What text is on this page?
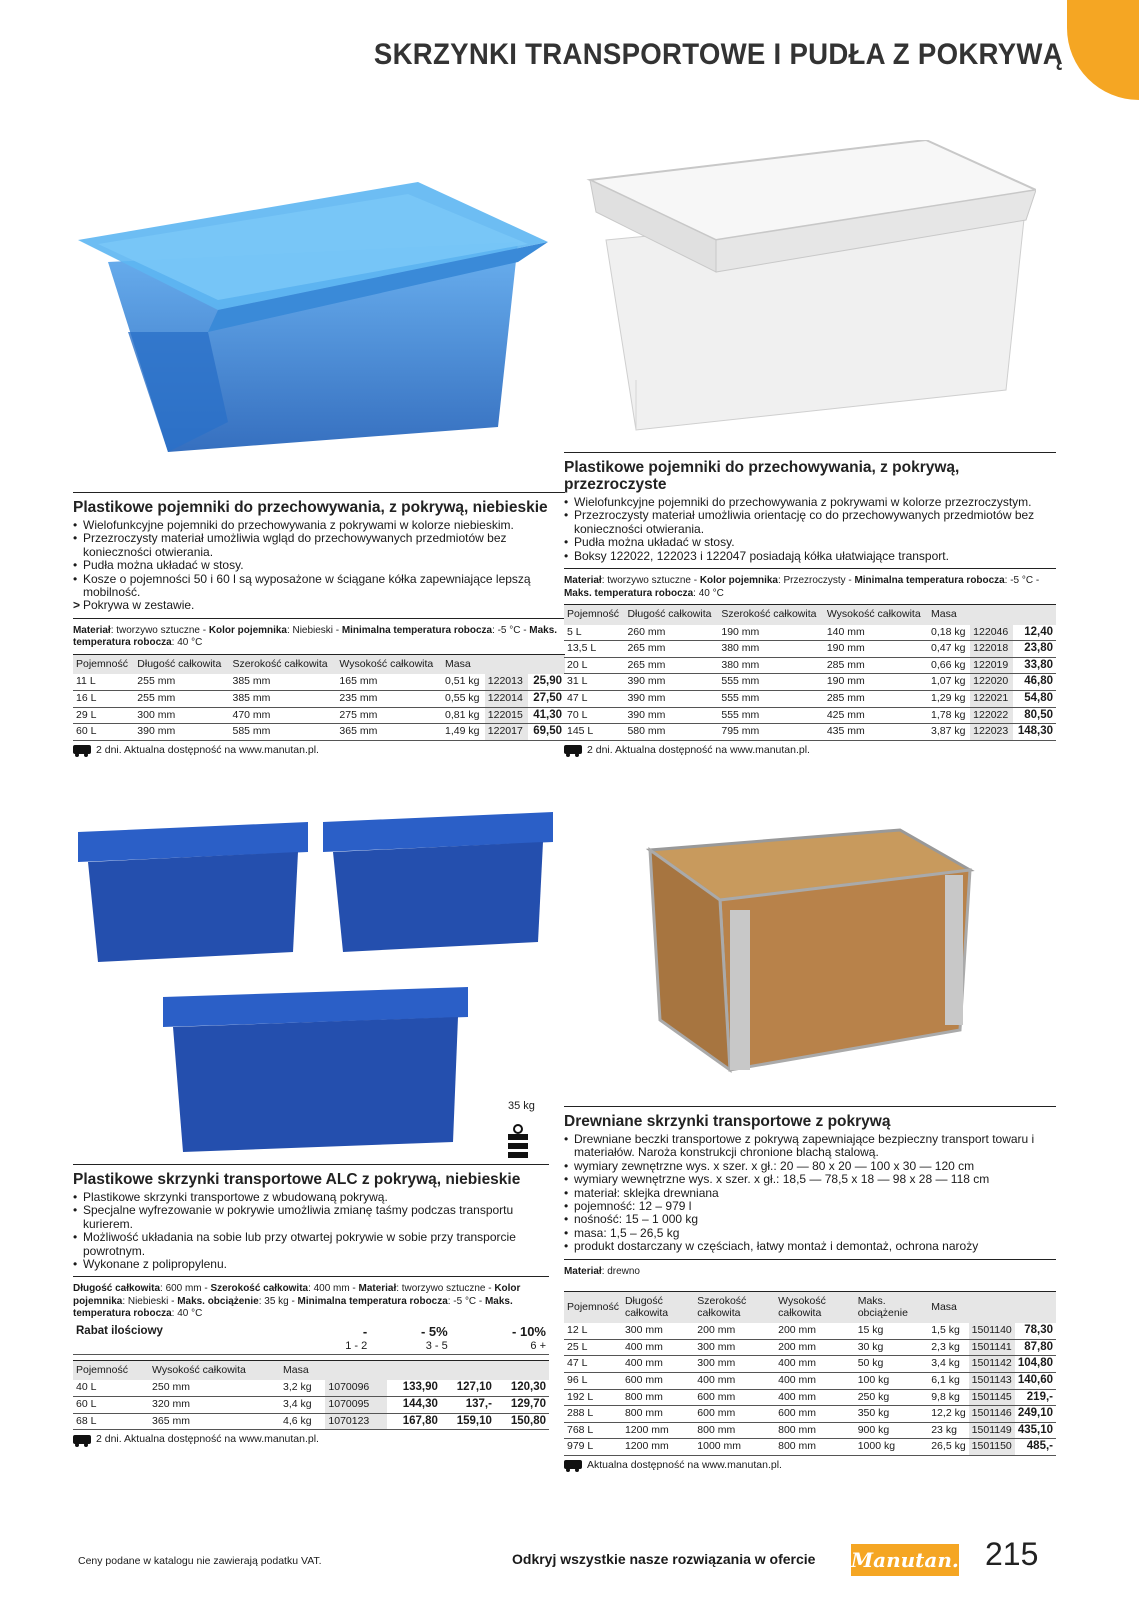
SKRZYNKI TRANSPORTOWE I PUDŁA Z POKRYWĄ
Plastikowe pojemniki do przechowywania, z pokrywą, niebieskie
• Wielofunkcyjne pojemniki do przechowywania z pokrywami w kolorze niebieskim.
• Przezroczysty materiał umożliwia wgląd do przechowywanych przedmiotów bez konieczności otwierania.
• Pudła można układać w stosy.
• Kosze o pojemności 50 i 60 l są wyposażone w ściągane kółka zapewniające lepszą mobilność.
> Pokrywa w zestawie.

Materiał: tworzywo sztuczne - Kolor pojemnika: Niebieski - Minimalna temperatura robocza: -5 °C - Maks. temperatura robocza: 40 °C

Pojemność	Długość całkowita	Szerokość całkowita	Wysokość całkowita	Masa		
11 L	255 mm	385 mm	165 mm	0,51 kg	122013	25,90
16 L	255 mm	385 mm	235 mm	0,55 kg	122014	27,50
29 L	300 mm	470 mm	275 mm	0,81 kg	122015	41,30
60 L	390 mm	585 mm	365 mm	1,49 kg	122017	69,50
2 dni. Aktualna dostępność na www.manutan.pl.
Plastikowe pojemniki do przechowywania, z pokrywą, przezroczyste
• Wielofunkcyjne pojemniki do przechowywania z pokrywami w kolorze przezroczystym.
• Przezroczysty materiał umożliwia orientację co do przechowywanych przedmiotów bez konieczności otwierania.
• Pudła można układać w stosy.
• Boksy 122022, 122023 i 122047 posiadają kółka ułatwiające transport.

Materiał: tworzywo sztuczne - Kolor pojemnika: Przezroczysty - Minimalna temperatura robocza: -5 °C - Maks. temperatura robocza: 40 °C

Pojemność	Długość całkowita	Szerokość całkowita	Wysokość całkowita	Masa		
5 L	260 mm	190 mm	140 mm	0,18 kg	122046	12,40
13,5 L	265 mm	380 mm	190 mm	0,47 kg	122018	23,80
20 L	265 mm	380 mm	285 mm	0,66 kg	122019	33,80
31 L	390 mm	555 mm	190 mm	1,07 kg	122020	46,80
47 L	390 mm	555 mm	285 mm	1,29 kg	122021	54,80
70 L	390 mm	555 mm	425 mm	1,78 kg	122022	80,50
145 L	580 mm	795 mm	435 mm	3,87 kg	122023	148,30
2 dni. Aktualna dostępność na www.manutan.pl.
35 kg
Plastikowe skrzynki transportowe ALC z pokrywą, niebieskie
• Plastikowe skrzynki transportowe z wbudowaną pokrywą.
• Specjalne wyfrezowanie w pokrywie umożliwia zmianę taśmy podczas transportu kurierem.
• Możliwość układania na sobie lub przy otwartej pokrywie w sobie przy transporcie powrotnym.
• Wykonane z polipropylenu.

Długość całkowita: 600 mm - Szerokość całkowita: 400 mm - Materiał: tworzywo sztuczne - Kolor pojemnika: Niebieski - Maks. obciążenie: 35 kg - Minimalna temperatura robocza: -5 °C - Maks. temperatura robocza: 40 °C

Rabat ilościowy	-	- 5%	- 10%
	1 - 2	3 - 5	6 +
Pojemność	Wysokość całkowita	Masa				
40 L	250 mm	3,2 kg	1070096	133,90	127,10	120,30
60 L	320 mm	3,4 kg	1070095	144,30	137,-	129,70
68 L	365 mm	4,6 kg	1070123	167,80	159,10	150,80
2 dni. Aktualna dostępność na www.manutan.pl.
Drewniane skrzynki transportowe z pokrywą
• Drewniane beczki transportowe z pokrywą zapewniające bezpieczny transport towaru i materiałów. Naroża konstrukcji chronione blachą stalową.
• wymiary zewnętrzne wys. x szer. x gł.: 20 — 80 x 20 — 100 x 30 — 120 cm
• wymiary wewnętrzne wys. x szer. x gł.: 18,5 — 78,5 x 18 — 98 x 28 — 118 cm
• materiał: sklejka drewniana
• pojemność: 12 – 979 l
• nośność: 15 – 1 000 kg
• masa: 1,5 – 26,5 kg
• produkt dostarczany w częściach, łatwy montaż i demontaż, ochrona naroży

Materiał: drewno

Pojemność	Długość całkowita	Szerokość całkowita	Wysokość całkowita	Maks. obciążenie	Masa		
12 L	300 mm	200 mm	200 mm	15 kg	1,5 kg	1501140	78,30
25 L	400 mm	300 mm	200 mm	30 kg	2,3 kg	1501141	87,80
47 L	400 mm	300 mm	400 mm	50 kg	3,4 kg	1501142	104,80
96 L	600 mm	400 mm	400 mm	100 kg	6,1 kg	1501143	140,60
192 L	800 mm	600 mm	400 mm	250 kg	9,8 kg	1501145	219,-
288 L	800 mm	600 mm	600 mm	350 kg	12,2 kg	1501146	249,10
768 L	1200 mm	800 mm	800 mm	900 kg	23 kg	1501149	435,10
979 L	1200 mm	1000 mm	800 mm	1000 kg	26,5 kg	1501150	485,-
Aktualna dostępność na www.manutan.pl.
Ceny podane w katalogu nie zawierają podatku VAT.	Odkryj wszystkie nasze rozwiązania w ofercie Manutan.pl 215
